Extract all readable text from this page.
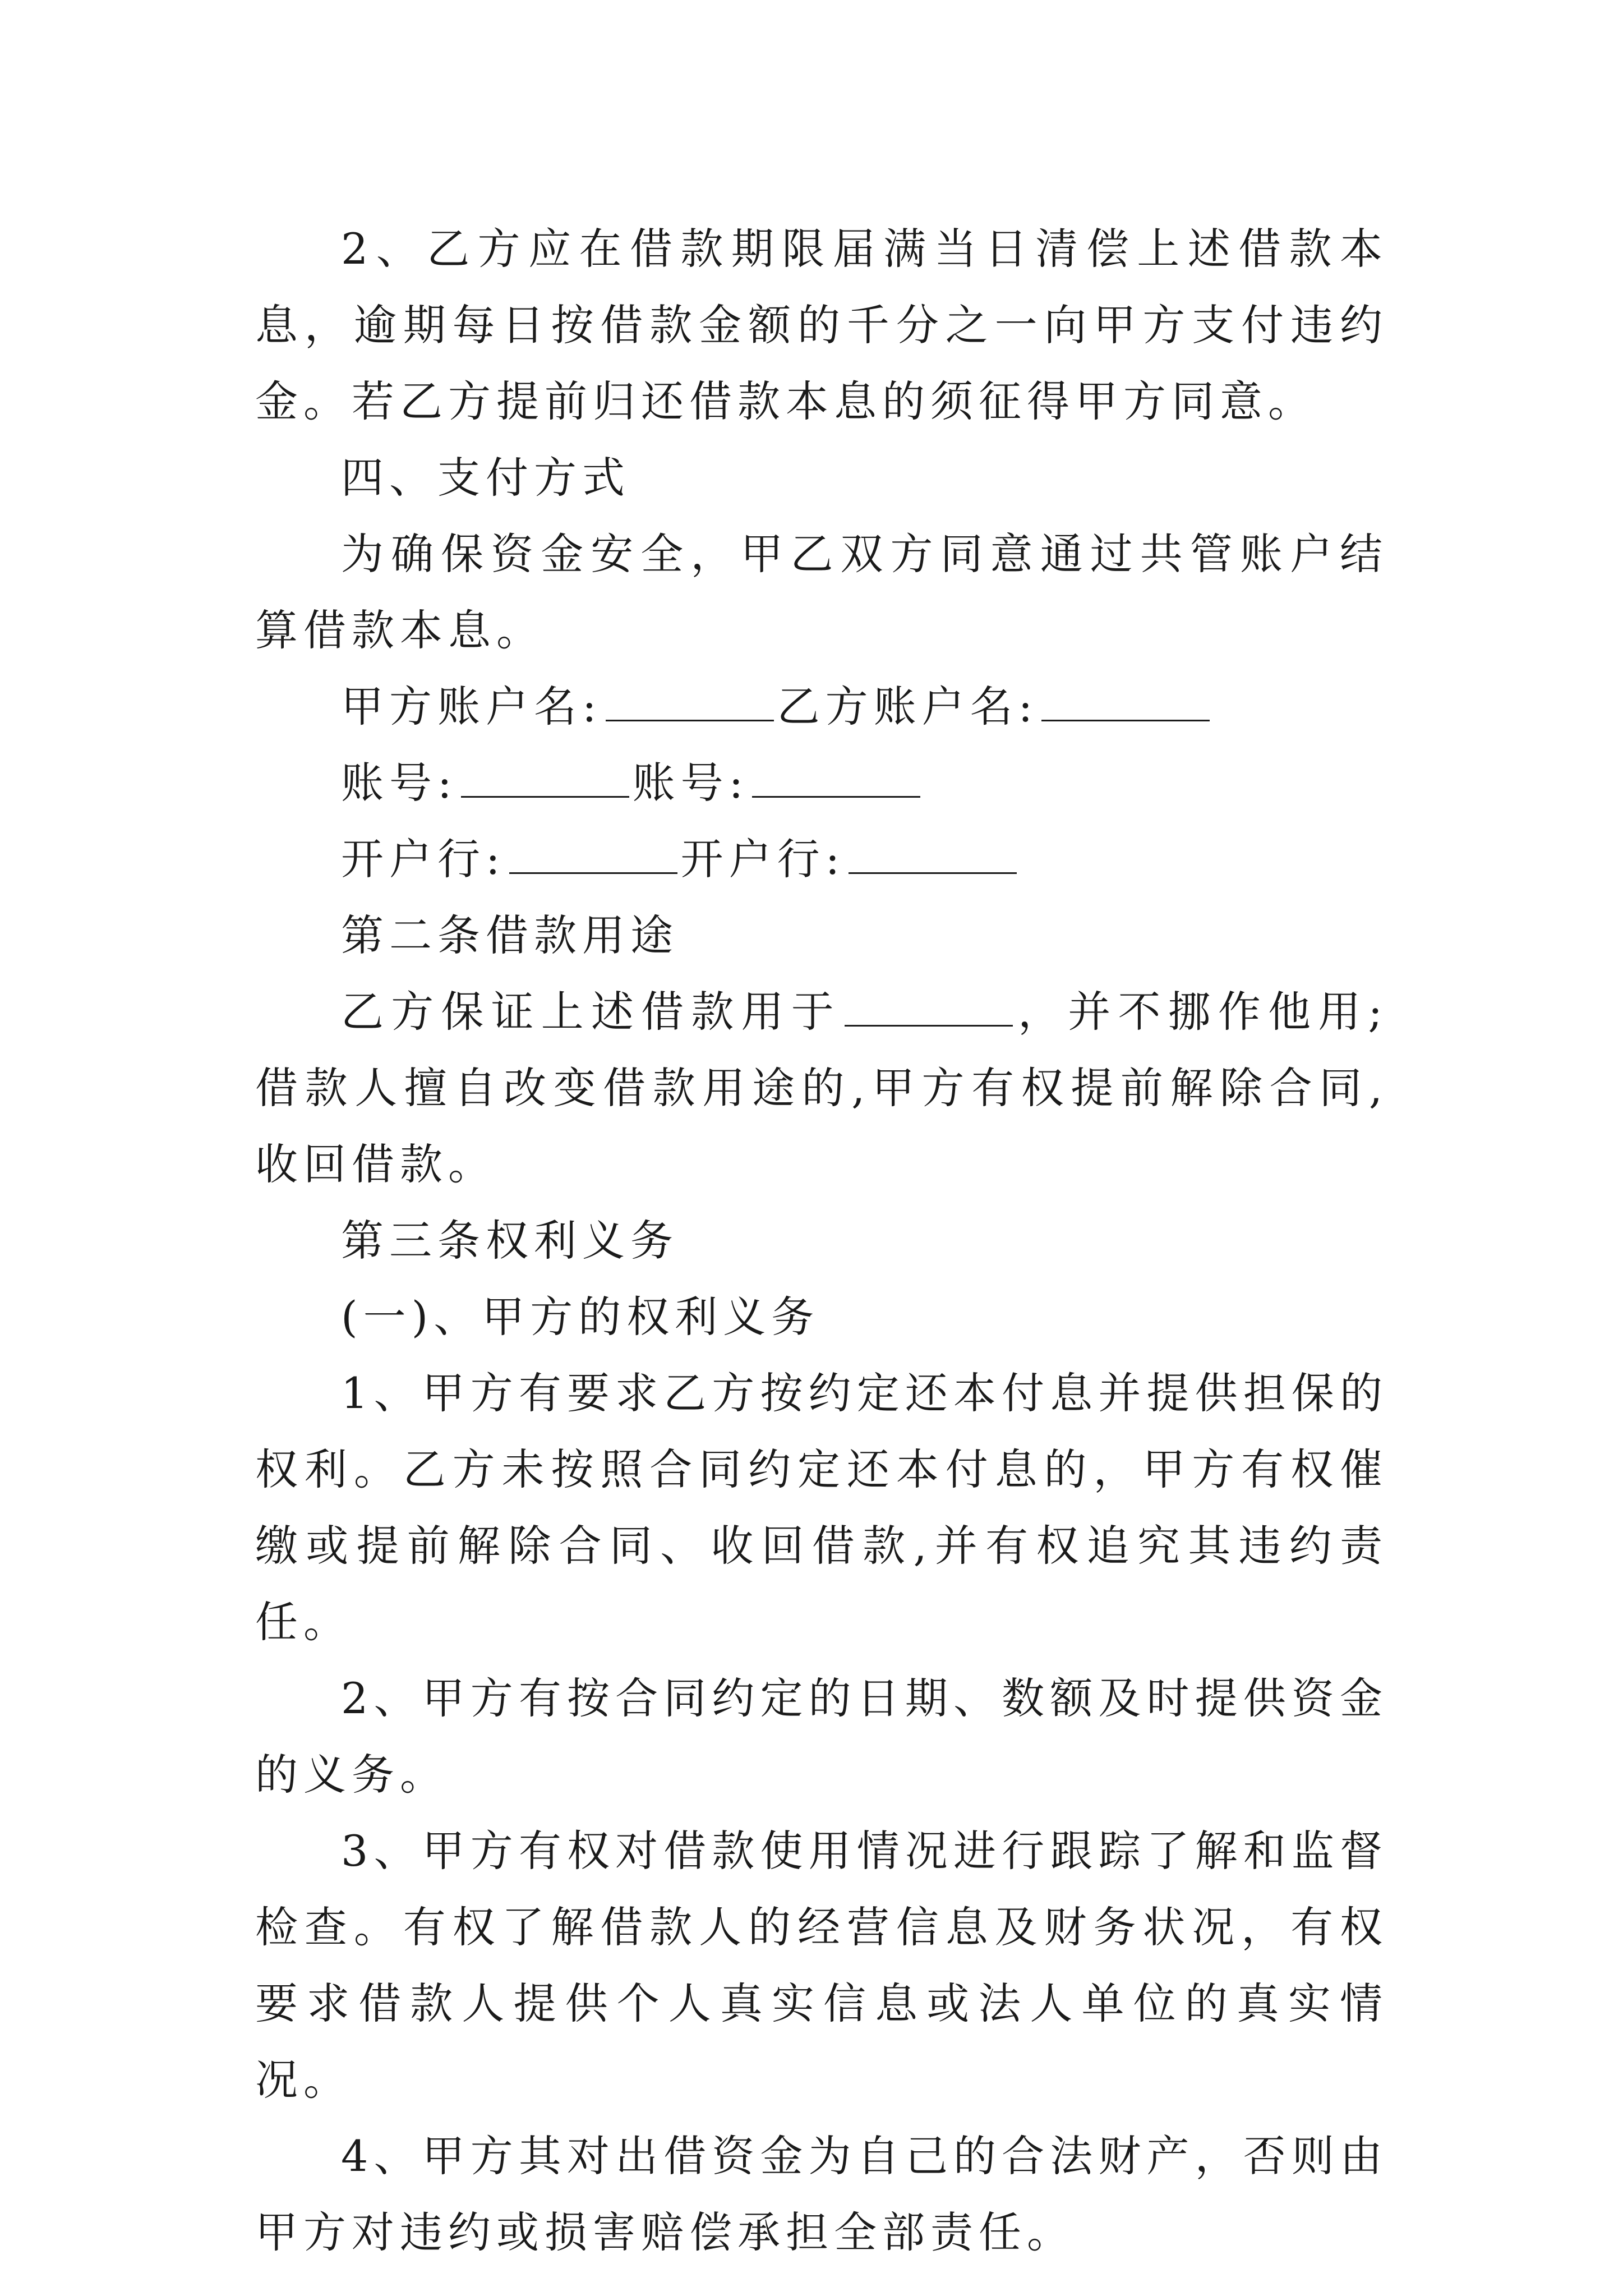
2、乙方应在借款期限届满当日清偿上述借款本息，逾期每日按借款金额的千分之一向甲方支付违约金。若乙方提前归还借款本息的须征得甲方同意。

四、支付方式

为确保资金安全，甲乙双方同意通过共管账户结算借款本息。

甲方账户名:	乙方账户名:

账号:	账号:

开户行:	开户行:

第二条借款用途

乙方保证上述借款用于	，并不挪作他用;借款人擅自改变借款用途的,甲方有权提前解除合同,收回借款。

第三条权利义务

(一)、甲方的权利义务

1、甲方有要求乙方按约定还本付息并提供担保的权利。乙方未按照合同约定还本付息的，甲方有权催缴或提前解除合同、收回借款,并有权追究其违约责任。

2、甲方有按合同约定的日期、数额及时提供资金的义务。

3、甲方有权对借款使用情况进行跟踪了解和监督检查。有权了解借款人的经营信息及财务状况，有权要求借款人提供个人真实信息或法人单位的真实情况。

4、甲方其对出借资金为自己的合法财产，否则由甲方对违约或损害赔偿承担全部责任。
